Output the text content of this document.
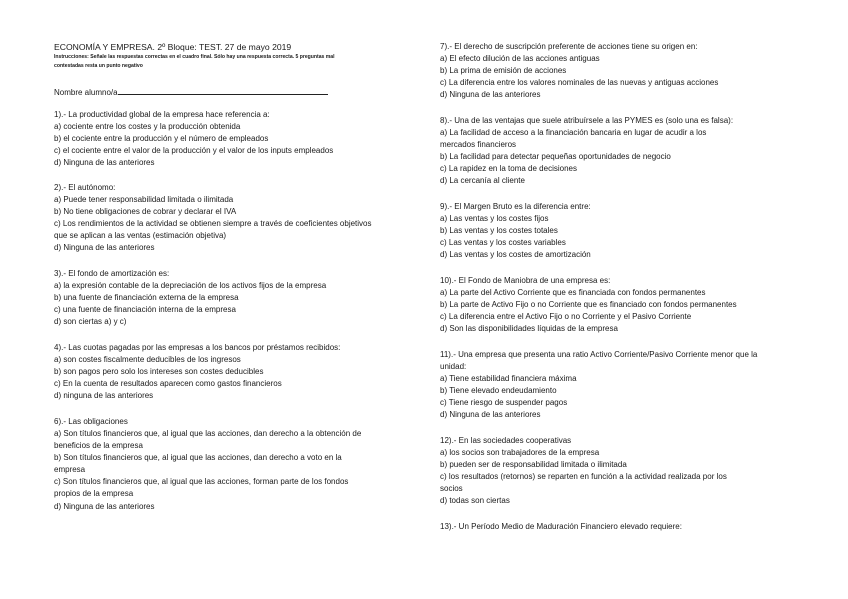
ECONOMÍA Y EMPRESA. 2º Bloque: TEST. 27 de mayo 2019
Instrucciones: Señale las respuestas correctas en el cuadro final. Sólo hay una respuesta correcta. 5 preguntas mal
contestadas resta un punto negativo
Nombre alumno/a
1).- La productividad global de la empresa hace referencia a:
a) cociente entre los costes y la producción obtenida
b) el cociente entre la producción y el número de empleados
c) el cociente entre el valor de la producción y el valor de los inputs empleados
d) Ninguna de las anteriores
2).- El autónomo:
a) Puede tener responsabilidad limitada o ilimitada
b) No tiene obligaciones de cobrar y declarar el IVA
c) Los rendimientos de la actividad se obtienen siempre a través de coeficientes objetivos
que se aplican a las ventas (estimación objetiva)
d) Ninguna de las anteriores
3).- El fondo de amortización es:
a) la expresión contable de la depreciación de los activos fijos de la empresa
b) una fuente de financiación externa de la empresa
c) una fuente de financiación interna de la empresa
d) son ciertas a) y c)
4).- Las cuotas pagadas por las empresas a los bancos por préstamos recibidos:
a) son costes fiscalmente deducibles de los ingresos
b) son pagos pero solo los intereses son costes deducibles
c) En la cuenta de resultados aparecen como gastos financieros
d) ninguna de las anteriores
6).- Las obligaciones
a) Son títulos financieros que, al igual que las acciones, dan derecho a la obtención de
beneficios de la empresa
b) Son títulos financieros que, al igual que las acciones, dan derecho a voto en la
empresa
c) Son títulos financieros que, al igual que las acciones, forman parte de los fondos
propios de la empresa
d) Ninguna de las anteriores
7).- El derecho de suscripción preferente de acciones tiene su origen en:
a) El efecto dilución de las acciones antiguas
b) La prima de emisión de acciones
c) La diferencia entre los valores nominales de las nuevas y antiguas acciones
d) Ninguna de las anteriores
8).- Una de las ventajas que suele atribuírsele a las PYMES es (solo una es falsa):
a) La facilidad de acceso a la financiación bancaria en lugar de acudir a los
mercados financieros
b) La facilidad para detectar pequeñas oportunidades de negocio
c) La rapidez en la toma de decisiones
d) La cercanía al cliente
9).- El Margen Bruto es la diferencia entre:
a) Las ventas y los costes fijos
b) Las ventas y los costes totales
c) Las ventas y los costes variables
d) Las ventas y los costes de amortización
10).- El Fondo de Maniobra de una empresa es:
a) La parte del Activo Corriente que es financiada con fondos permanentes
b) La parte de Activo Fijo o no Corriente que es financiado con fondos permanentes
c) La diferencia entre el Activo Fijo o no Corriente y el Pasivo Corriente
d) Son las disponibilidades líquidas de la empresa
11).- Una empresa que presenta una ratio Activo Corriente/Pasivo Corriente menor que la
unidad:
a) Tiene estabilidad financiera máxima
b) Tiene elevado endeudamiento
c) Tiene riesgo de suspender pagos
d) Ninguna de las anteriores
12).- En las sociedades cooperativas
a) los socios son trabajadores de la empresa
b) pueden ser de responsabilidad limitada o ilimitada
c) los resultados (retornos) se reparten en función a la actividad realizada por los
socios
d) todas son ciertas
13).- Un Período Medio de Maduración Financiero elevado requiere:
